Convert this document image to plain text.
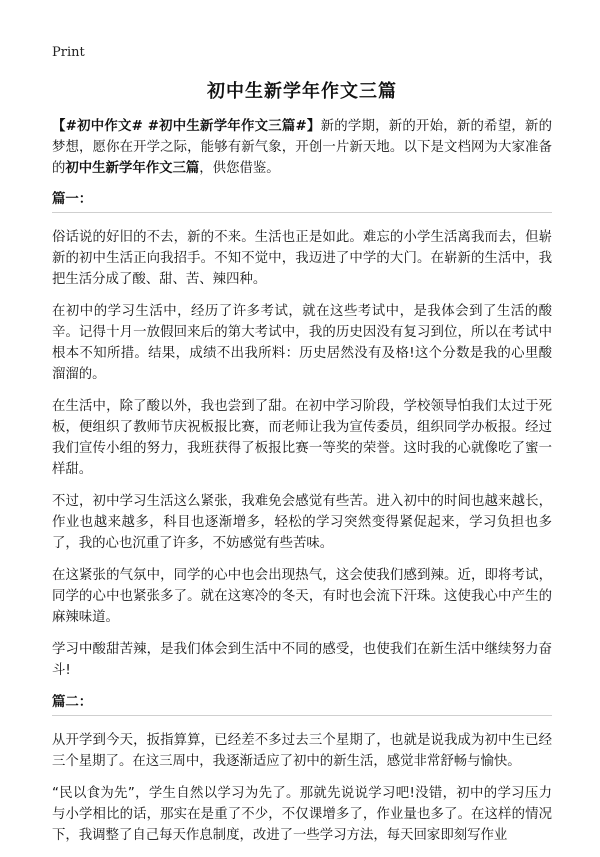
Print
初中生新学年作文三篇

【#初中作文# #初中生新学年作文三篇#】新的学期，新的开始，新的希望，新的梦想，愿你在开学之际，能够有新气象，开创一片新天地。以下是文档网为大家准备的初中生新学年作文三篇，供您借鉴。

篇一：

俗话说的好旧的不去，新的不来。生活也正是如此。难忘的小学生活离我而去，但崭新的初中生活正向我招手。不知不觉中，我迈进了中学的大门。在崭新的生活中，我把生活分成了酸、甜、苦、辣四种。

在初中的学习生活中，经历了许多考试，就在这些考试中，是我体会到了生活的酸辛。记得十月一放假回来后的第大考试中，我的历史因没有复习到位，所以在考试中根本不知所措。结果，成绩不出我所料：历史居然没有及格!这个分数是我的心里酸溜溜的。

在生活中，除了酸以外，我也尝到了甜。在初中学习阶段，学校领导怕我们太过于死板，便组织了教师节庆祝板报比赛，而老师让我为宣传委员，组织同学办板报。经过我们宣传小组的努力，我班获得了板报比赛一等奖的荣誉。这时我的心就像吃了蜜一样甜。

不过，初中学习生活这么紧张，我难免会感觉有些苦。进入初中的时间也越来越长，作业也越来越多，科目也逐渐增多，轻松的学习突然变得紧促起来，学习负担也多了，我的心也沉重了许多，不妨感觉有些苦味。

在这紧张的气氛中，同学的心中也会出现热气，这会使我们感到辣。近，即将考试，同学的心中也紧张多了。就在这寒冷的冬天，有时也会流下汗珠。这使我心中产生的麻辣味道。

学习中酸甜苦辣，是我们体会到生活中不同的感受，也使我们在新生活中继续努力奋斗!

篇二：

从开学到今天，扳指算算，已经差不多过去三个星期了，也就是说我成为初中生已经三个星期了。在这三周中，我逐渐适应了初中的新生活，感觉非常舒畅与愉快。

“民以食为先”，学生自然以学习为先了。那就先说说学习吧!没错，初中的学习压力与小学相比的话，那实在是重了不少，不仅课增多了，作业量也多了。在这样的情况下，我调整了自己每天作息制度，改进了一些学习方法，每天回家即刻写作业
